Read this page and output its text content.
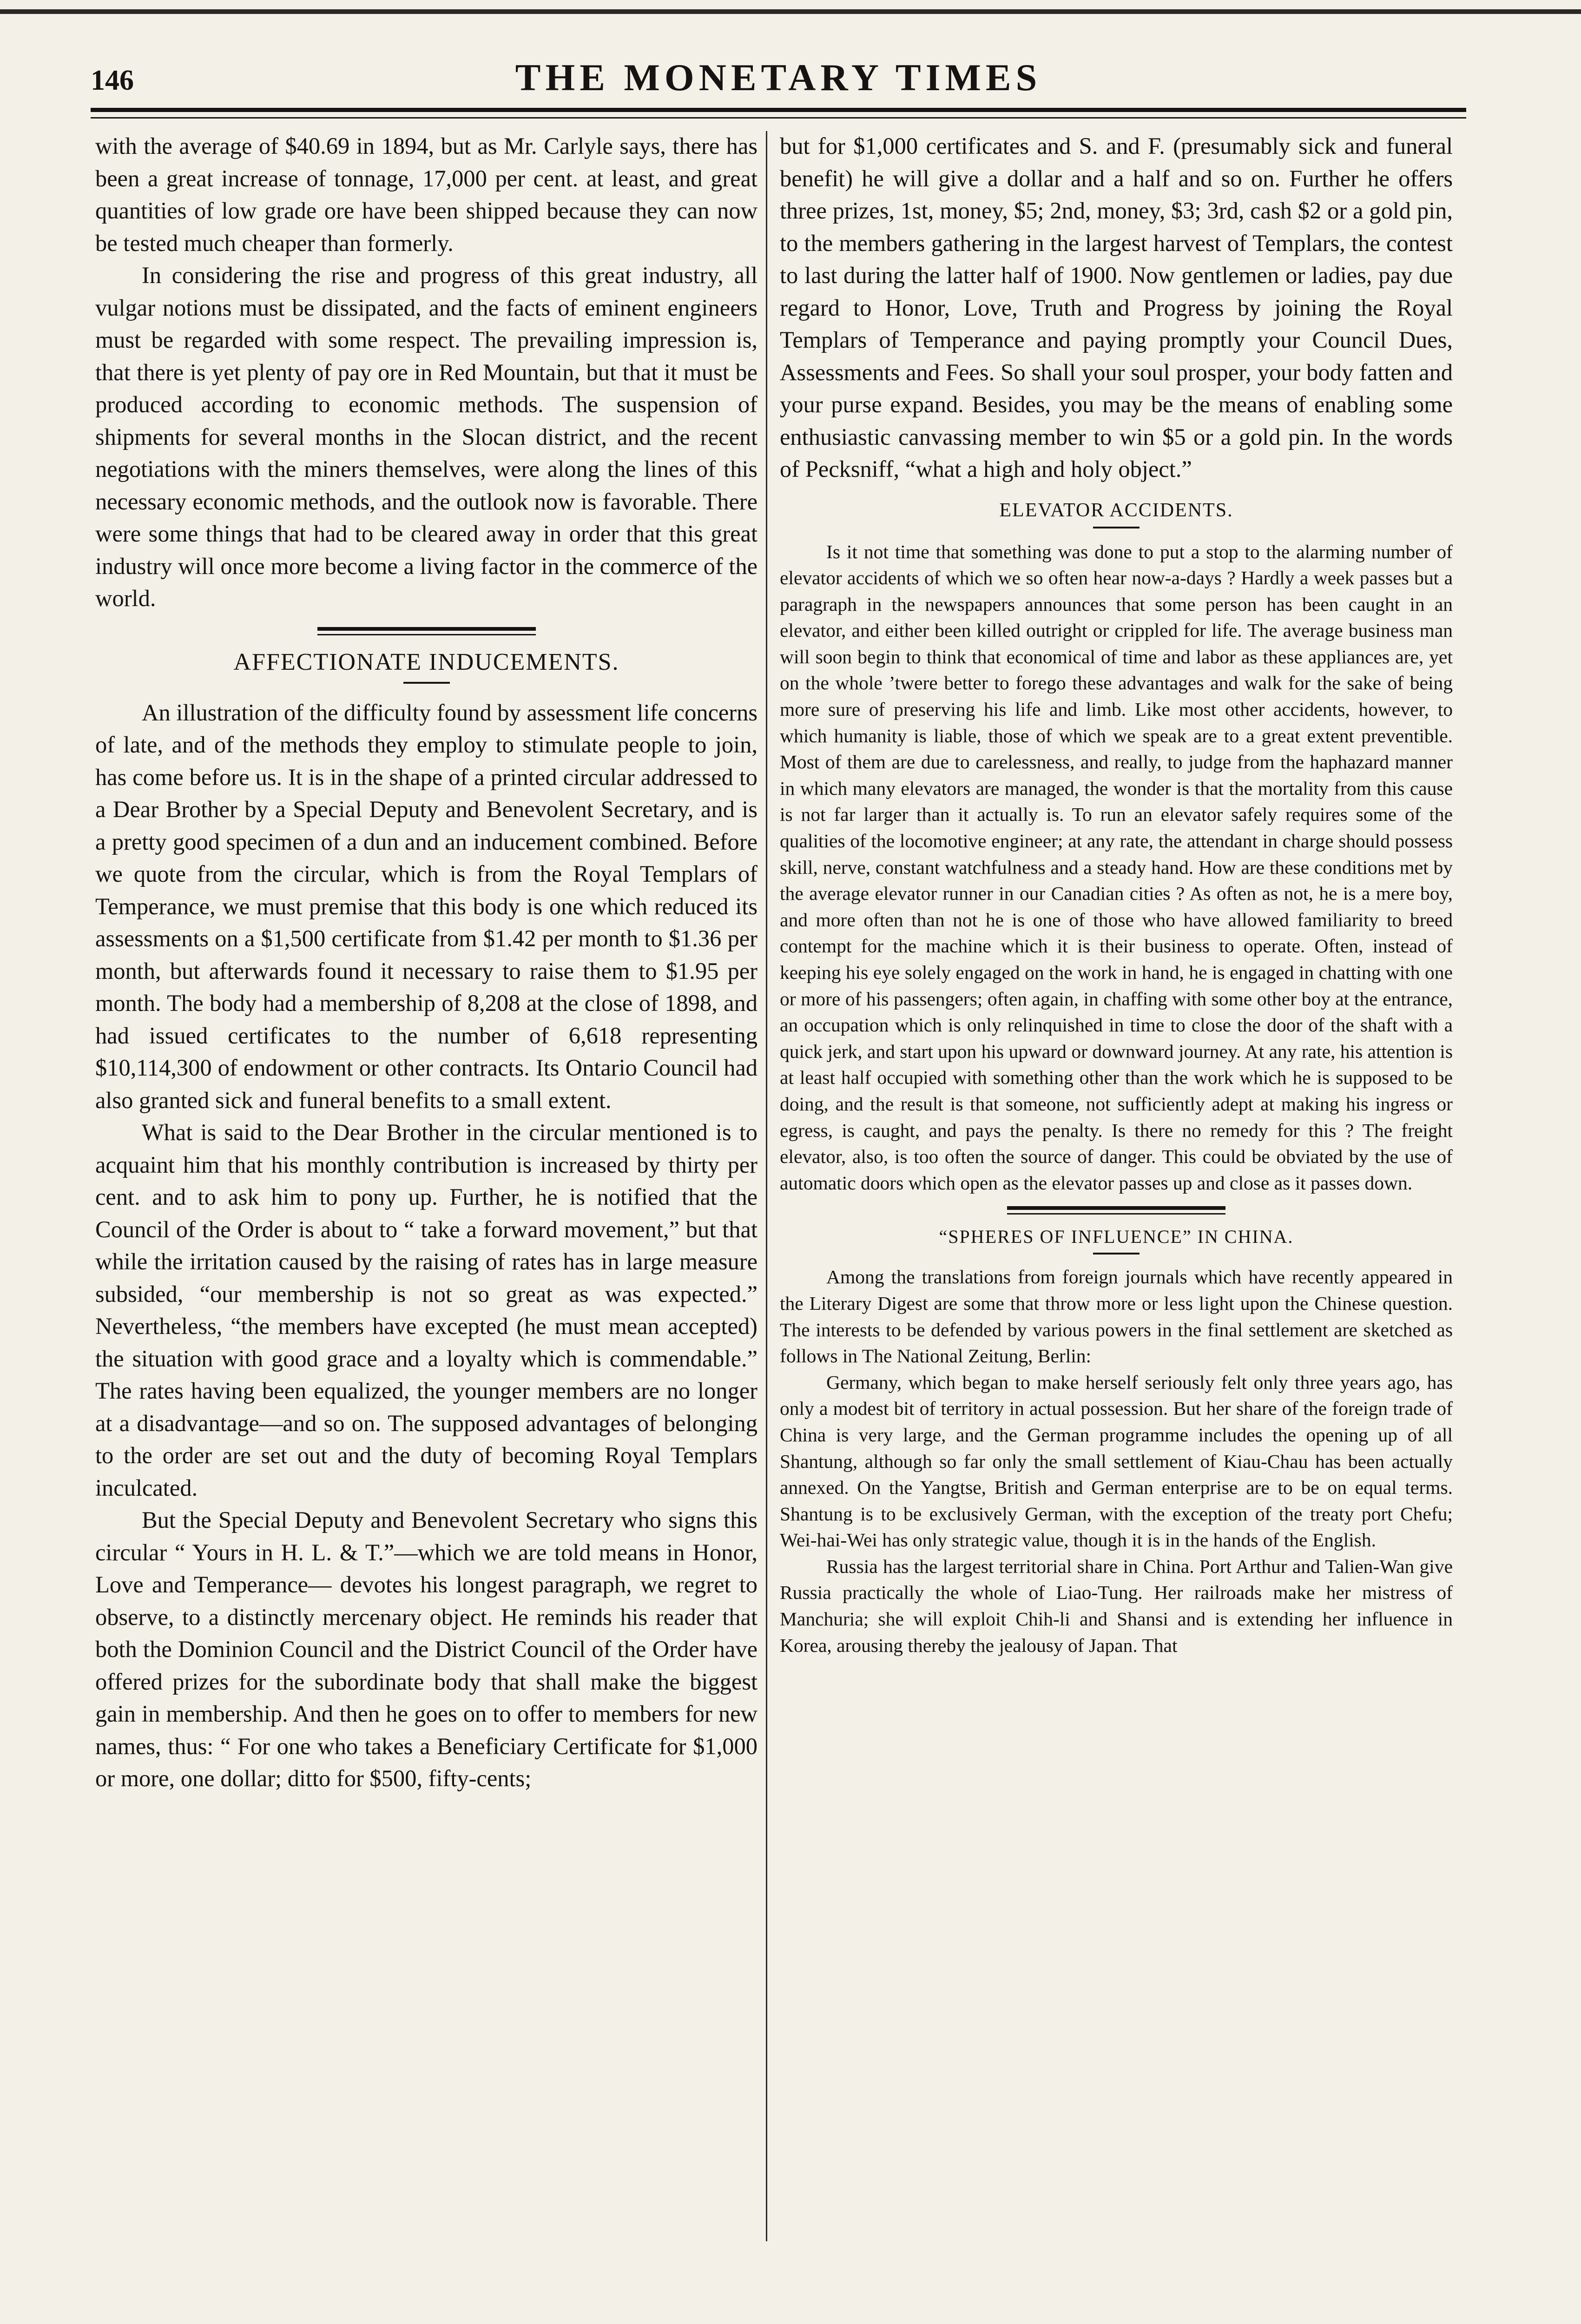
146	THE MONETARY TIMES

with the average of $40.69 in 1894, but as Mr. Carlyle says, there has been a great increase of tonnage, 17,000 per cent. at least, and great quantities of low grade ore have been shipped because they can now be tested much cheaper than formerly.

In considering the rise and progress of this great industry, all vulgar notions must be dissipated, and the facts of eminent engineers must be regarded with some respect. The prevailing impression is, that there is yet plenty of pay ore in Red Mountain, but that it must be produced according to economic methods. The suspension of shipments for several months in the Slocan district, and the recent negotiations with the miners themselves, were along the lines of this necessary economic methods, and the outlook now is favorable. There were some things that had to be cleared away in order that this great industry will once more become a living factor in the commerce of the world.

AFFECTIONATE INDUCEMENTS.

An illustration of the difficulty found by assessment life concerns of late, and of the methods they employ to stimulate people to join, has come before us. It is in the shape of a printed circular addressed to a Dear Brother by a Special Deputy and Benevolent Secretary, and is a pretty good specimen of a dun and an inducement combined. Before we quote from the circular, which is from the Royal Templars of Temperance, we must premise that this body is one which reduced its assessments on a $1,500 certificate from $1.42 per month to $1.36 per month, but afterwards found it necessary to raise them to $1.95 per month. The body had a membership of 8,208 at the close of 1898, and had issued certificates to the number of 6,618 representing $10,114,300 of endowment or other contracts. Its Ontario Council had also granted sick and funeral benefits to a small extent.

What is said to the Dear Brother in the circular mentioned is to acquaint him that his monthly contribution is increased by thirty per cent. and to ask him to pony up. Further, he is notified that the Council of the Order is about to “ take a forward movement,” but that while the irritation caused by the raising of rates has in large measure subsided, “our membership is not so great as was expected.” Nevertheless, “the members have excepted (he must mean accepted) the situation with good grace and a loyalty which is commendable.” The rates having been equalized, the younger members are no longer at a disadvantage—and so on. The supposed advantages of belonging to the order are set out and the duty of becoming Royal Templars inculcated.

But the Special Deputy and Benevolent Secretary who signs this circular “ Yours in H. L. & T.”—which we are told means in Honor, Love and Temperance— devotes his longest paragraph, we regret to observe, to a distinctly mercenary object. He reminds his reader that both the Dominion Council and the District Council of the Order have offered prizes for the subordinate body that shall make the biggest gain in membership. And then he goes on to offer to members for new names, thus: “ For one who takes a Beneficiary Certificate for $1,000 or more, one dollar; ditto for $500, fifty-cents;

but for $1,000 certificates and S. and F. (presumably sick and funeral benefit) he will give a dollar and a half and so on. Further he offers three prizes, 1st, money, $5; 2nd, money, $3; 3rd, cash $2 or a gold pin, to the members gathering in the largest harvest of Templars, the contest to last during the latter half of 1900. Now gentlemen or ladies, pay due regard to Honor, Love, Truth and Progress by joining the Royal Templars of Temperance and paying promptly your Council Dues, Assessments and Fees. So shall your soul prosper, your body fatten and your purse expand. Besides, you may be the means of enabling some enthusiastic canvassing member to win $5 or a gold pin. In the words of Pecksniff, “what a high and holy object.”

ELEVATOR ACCIDENTS.

Is it not time that something was done to put a stop to the alarming number of elevator accidents of which we so often hear now-a-days ? Hardly a week passes but a paragraph in the newspapers announces that some person has been caught in an elevator, and either been killed outright or crippled for life. The average business man will soon begin to think that economical of time and labor as these appliances are, yet on the whole ’twere better to forego these advantages and walk for the sake of being more sure of preserving his life and limb. Like most other accidents, however, to which humanity is liable, those of which we speak are to a great extent preventible. Most of them are due to carelessness, and really, to judge from the haphazard manner in which many elevators are managed, the wonder is that the mortality from this cause is not far larger than it actually is. To run an elevator safely requires some of the qualities of the locomotive engineer; at any rate, the attendant in charge should possess skill, nerve, constant watchfulness and a steady hand. How are these conditions met by the average elevator runner in our Canadian cities ? As often as not, he is a mere boy, and more often than not he is one of those who have allowed familiarity to breed contempt for the machine which it is their business to operate. Often, instead of keeping his eye solely engaged on the work in hand, he is engaged in chatting with one or more of his passengers; often again, in chaffing with some other boy at the entrance, an occupation which is only relinquished in time to close the door of the shaft with a quick jerk, and start upon his upward or downward journey. At any rate, his attention is at least half occupied with something other than the work which he is supposed to be doing, and the result is that someone, not sufficiently adept at making his ingress or egress, is caught, and pays the penalty. Is there no remedy for this ? The freight elevator, also, is too often the source of danger. This could be obviated by the use of automatic doors which open as the elevator passes up and close as it passes down.

“SPHERES OF INFLUENCE” IN CHINA.

Among the translations from foreign journals which have recently appeared in the Literary Digest are some that throw more or less light upon the Chinese question. The interests to be defended by various powers in the final settlement are sketched as follows in The National Zeitung, Berlin:

Germany, which began to make herself seriously felt only three years ago, has only a modest bit of territory in actual possession. But her share of the foreign trade of China is very large, and the German programme includes the opening up of all Shantung, although so far only the small settlement of Kiau-Chau has been actually annexed. On the Yangtse, British and German enterprise are to be on equal terms. Shantung is to be exclusively German, with the exception of the treaty port Chefu; Wei-hai-Wei has only strategic value, though it is in the hands of the English.

Russia has the largest territorial share in China. Port Arthur and Talien-Wan give Russia practically the whole of Liao-Tung. Her railroads make her mistress of Manchuria; she will exploit Chih-li and Shansi and is extending her influence in Korea, arousing thereby the jealousy of Japan. That
